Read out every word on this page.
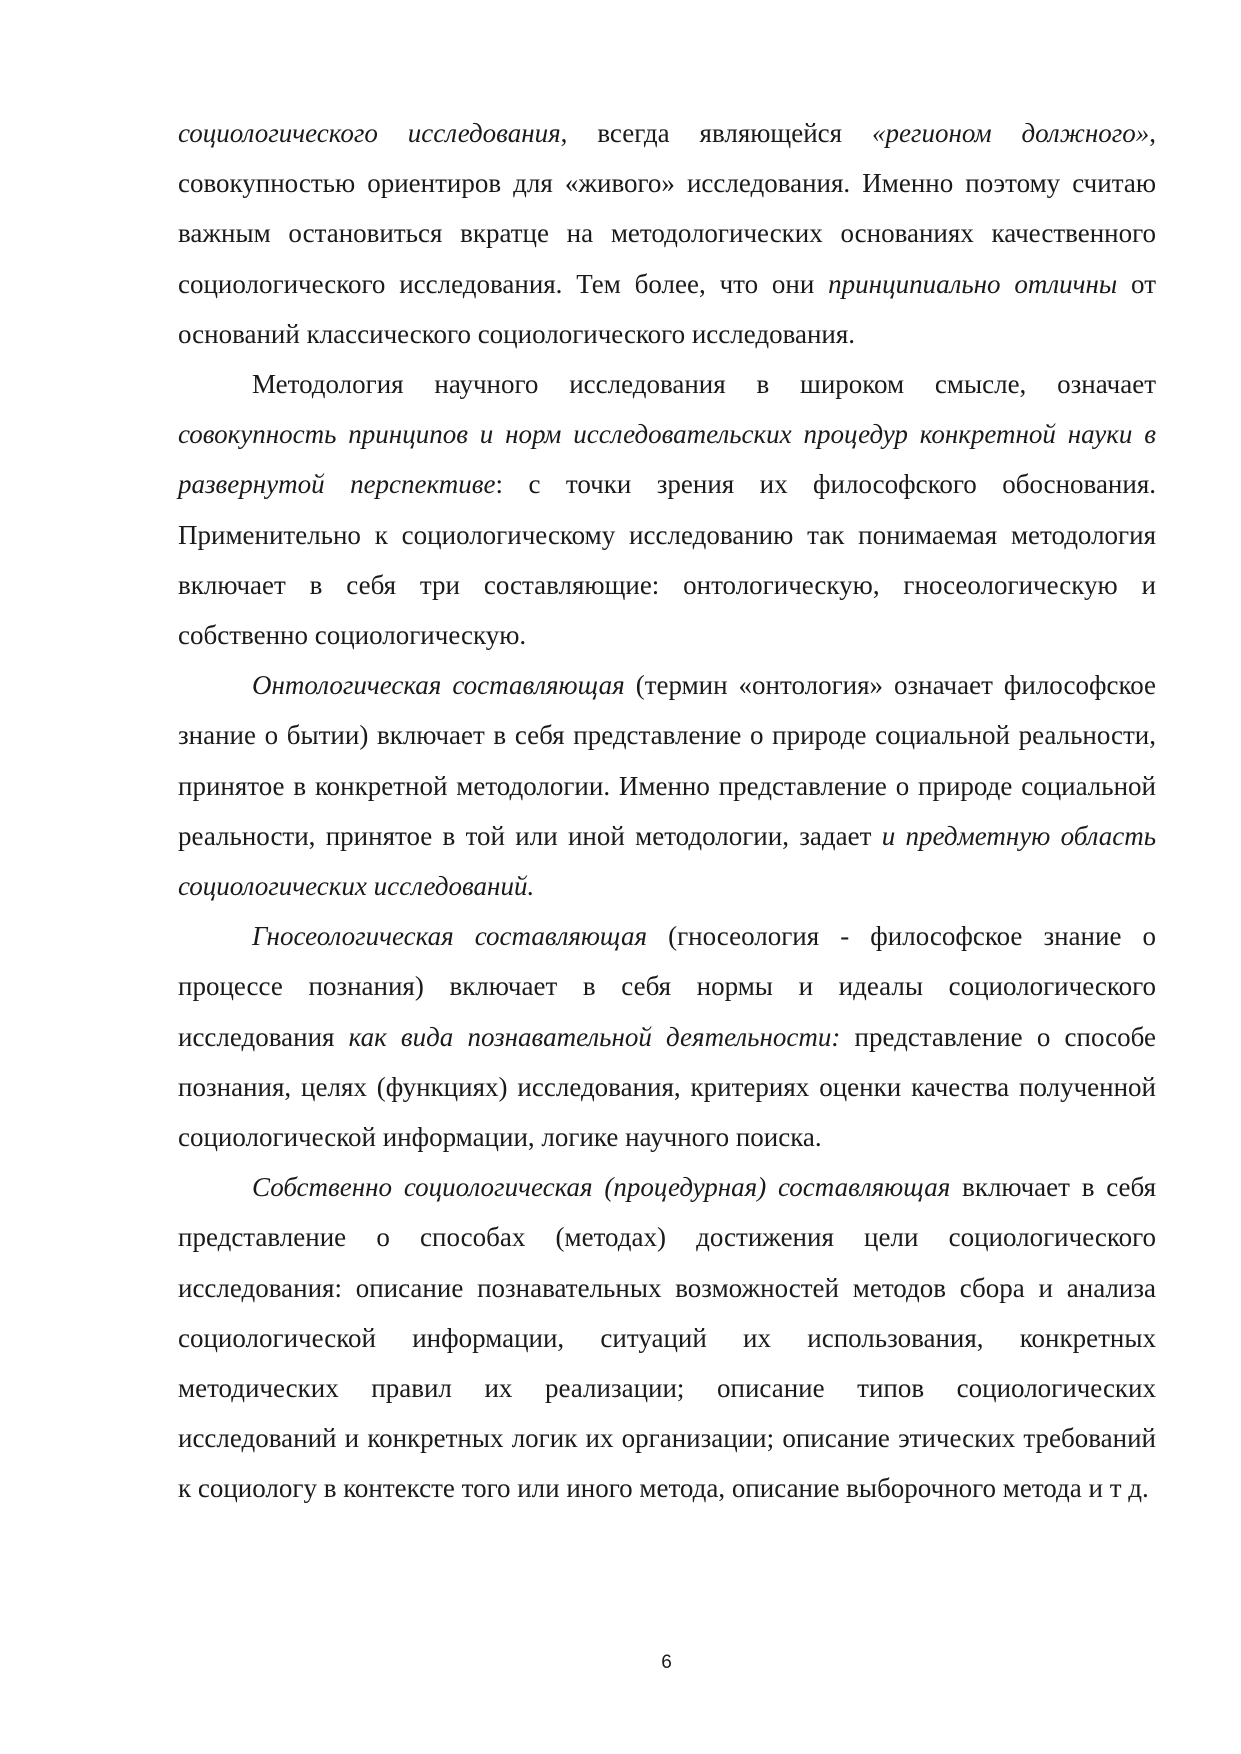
социологического исследования, всегда являющейся «регионом должного», совокупностью ориентиров для «живого» исследования. Именно поэтому считаю важным остановиться вкратце на методологических основаниях качественного социологического исследования. Тем более, что они принципиально отличны от оснований классического социологического исследования.

Методология научного исследования в широком смысле, означает совокупность принципов и норм исследовательских процедур конкретной науки в развернутой перспективе: с точки зрения их философского обоснования. Применительно к социологическому исследованию так понимаемая методология включает в себя три составляющие: онтологическую, гносеологическую и собственно социологическую.

Онтологическая составляющая (термин «онтология» означает философское знание о бытии) включает в себя представление о природе социальной реальности, принятое в конкретной методологии. Именно представление о природе социальной реальности, принятое в той или иной методологии, задает и предметную область социологических исследований.

Гносеологическая составляющая (гносеология - философское знание о процессе познания) включает в себя нормы и идеалы социологического исследования как вида познавательной деятельности: представление о способе познания, целях (функциях) исследования, критериях оценки качества полученной социологической информации, логике научного поиска.

Собственно социологическая (процедурная) составляющая включает в себя представление о способах (методах) достижения цели социологического исследования: описание познавательных возможностей методов сбора и анализа социологической информации, ситуаций их использования, конкретных методических правил их реализации; описание типов социологических исследований и конкретных логик их организации; описание этических требований к социологу в контексте того или иного метода, описание выборочного метода и т д.

6
